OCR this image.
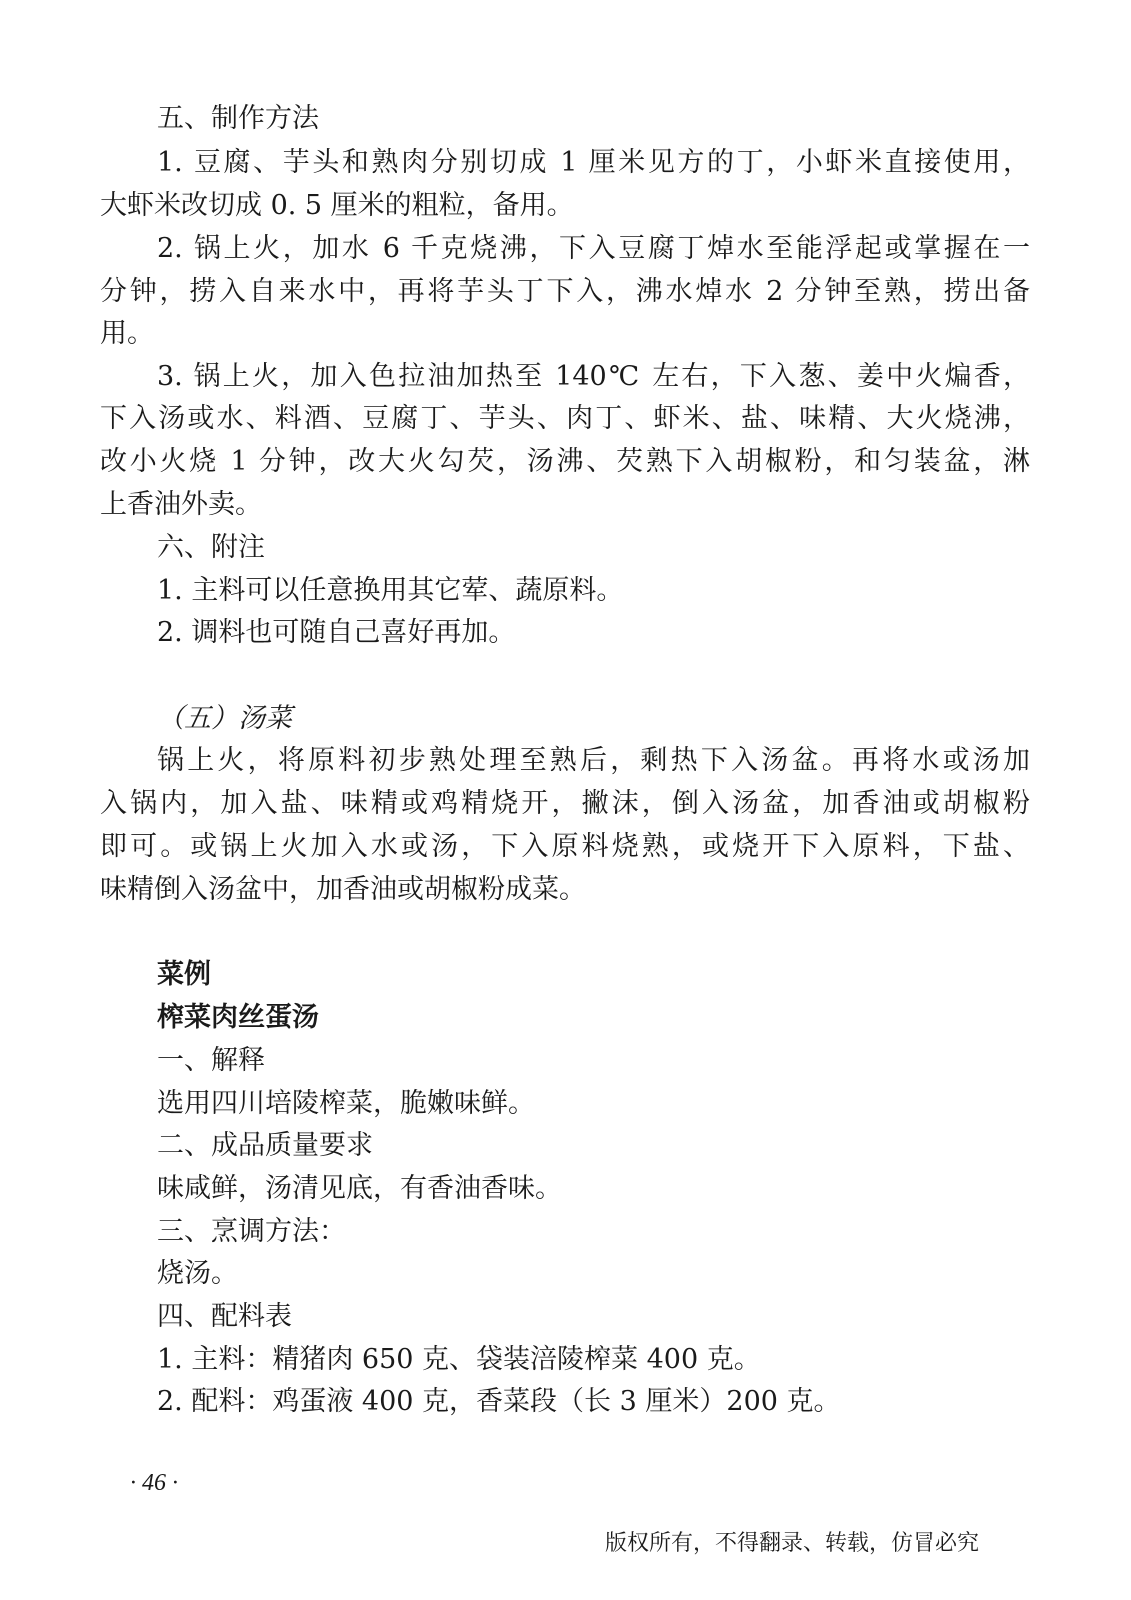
五、制作方法
1. 豆腐、芋头和熟肉分别切成 1 厘米见方的丁，小虾米直接使用，
大虾米改切成 0. 5 厘米的粗粒，备用。
2. 锅上火，加水 6 千克烧沸，下入豆腐丁焯水至能浮起或掌握在一
分钟，捞入自来水中，再将芋头丁下入，沸水焯水 2 分钟至熟，捞出备
用。
3. 锅上火，加入色拉油加热至 140℃ 左右，下入葱、姜中火煸香，
下入汤或水、料酒、豆腐丁、芋头、肉丁、虾米、盐、味精、大火烧沸，
改小火烧 1 分钟，改大火勾芡，汤沸、芡熟下入胡椒粉，和匀装盆，淋
上香油外卖。
六、附注
1. 主料可以任意换用其它荤、蔬原料。
2. 调料也可随自己喜好再加。
（五）汤菜
锅上火，将原料初步熟处理至熟后，剩热下入汤盆。再将水或汤加
入锅内，加入盐、味精或鸡精烧开，撇沫，倒入汤盆，加香油或胡椒粉
即可。或锅上火加入水或汤，下入原料烧熟，或烧开下入原料，下盐、
味精倒入汤盆中，加香油或胡椒粉成菜。
菜例
榨菜肉丝蛋汤
一、解释
选用四川培陵榨菜，脆嫩味鲜。
二、成品质量要求
味咸鲜，汤清见底，有香油香味。
三、烹调方法：
烧汤。
四、配料表
1. 主料：精猪肉 650 克、袋装涪陵榨菜 400 克。
2. 配料：鸡蛋液 400 克，香菜段（长 3 厘米）200 克。
· 46 ·
版权所有，不得翻录、转载，仿冒必究
